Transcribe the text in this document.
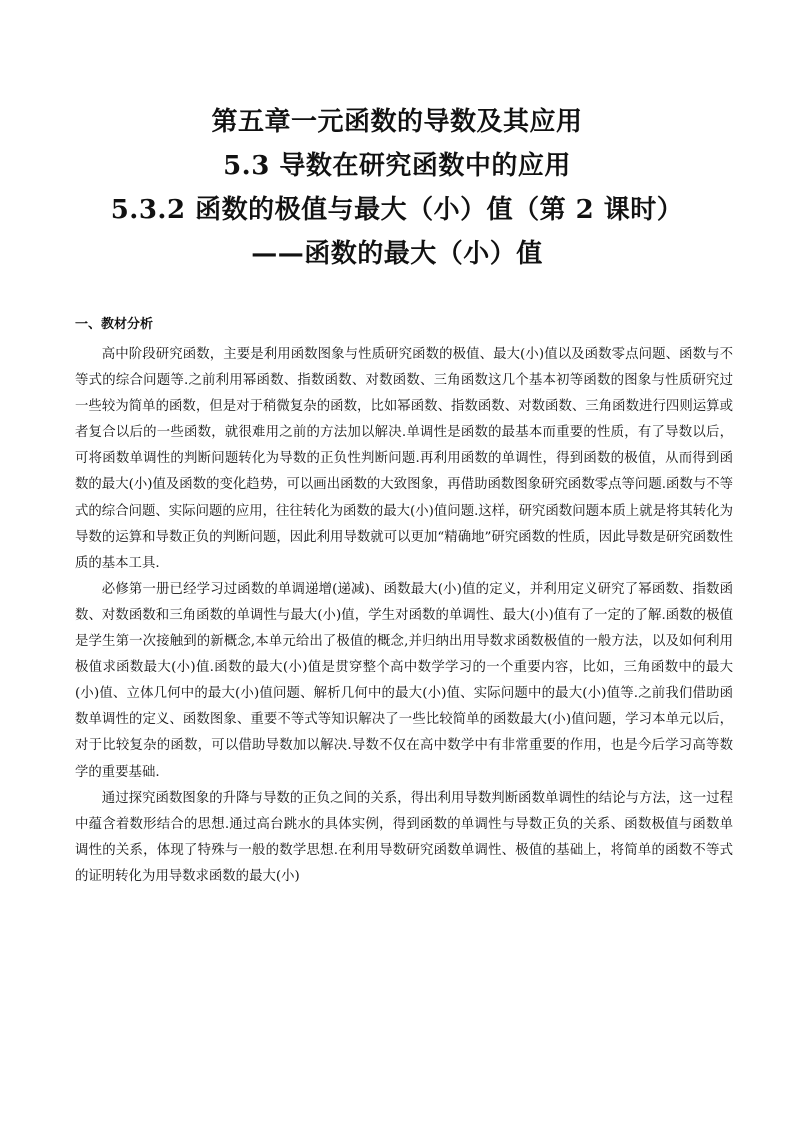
第五章一元函数的导数及其应用
5.3 导数在研究函数中的应用
5.3.2 函数的极值与最大（小）值（第 2 课时）
——函数的最大（小）值
一、教材分析

高中阶段研究函数，主要是利用函数图象与性质研究函数的极值、最大(小)值以及函数零点问题、函数与不等式的综合问题等.之前利用幂函数、指数函数、对数函数、三角函数这几个基本初等函数的图象与性质研究过一些较为简单的函数，但是对于稍微复杂的函数，比如幂函数、指数函数、对数函数、三角函数进行四则运算或者复合以后的一些函数，就很难用之前的方法加以解决.单调性是函数的最基本而重要的性质，有了导数以后，可将函数单调性的判断问题转化为导数的正负性判断问题.再利用函数的单调性，得到函数的极值，从而得到函数的最大(小)值及函数的变化趋势，可以画出函数的大致图象，再借助函数图象研究函数零点等问题.函数与不等式的综合问题、实际问题的应用，往往转化为函数的最大(小)值问题.这样，研究函数问题本质上就是将其转化为导数的运算和导数正负的判断问题，因此利用导数就可以更加“精确地”研究函数的性质，因此导数是研究函数性质的基本工具.

必修第一册已经学习过函数的单调递增(递减)、函数最大(小)值的定义，并利用定义研究了幂函数、指数函数、对数函数和三角函数的单调性与最大(小)值，学生对函数的单调性、最大(小)值有了一定的了解.函数的极值是学生第一次接触到的新概念,本单元给出了极值的概念,并归纳出用导数求函数极值的一般方法，以及如何利用极值求函数最大(小)值.函数的最大(小)值是贯穿整个高中数学学习的一个重要内容，比如，三角函数中的最大(小)值、立体几何中的最大(小)值问题、解析几何中的最大(小)值、实际问题中的最大(小)值等.之前我们借助函数单调性的定义、函数图象、重要不等式等知识解决了一些比较简单的函数最大(小)值问题，学习本单元以后，对于比较复杂的函数，可以借助导数加以解决.导数不仅在高中数学中有非常重要的作用，也是今后学习高等数学的重要基础.

通过探究函数图象的升降与导数的正负之间的关系，得出利用导数判断函数单调性的结论与方法，这一过程中蕴含着数形结合的思想.通过高台跳水的具体实例，得到函数的单调性与导数正负的关系、函数极值与函数单调性的关系，体现了特殊与一般的数学思想.在利用导数研究函数单调性、极值的基础上，将简单的函数不等式的证明转化为用导数求函数的最大(小)
